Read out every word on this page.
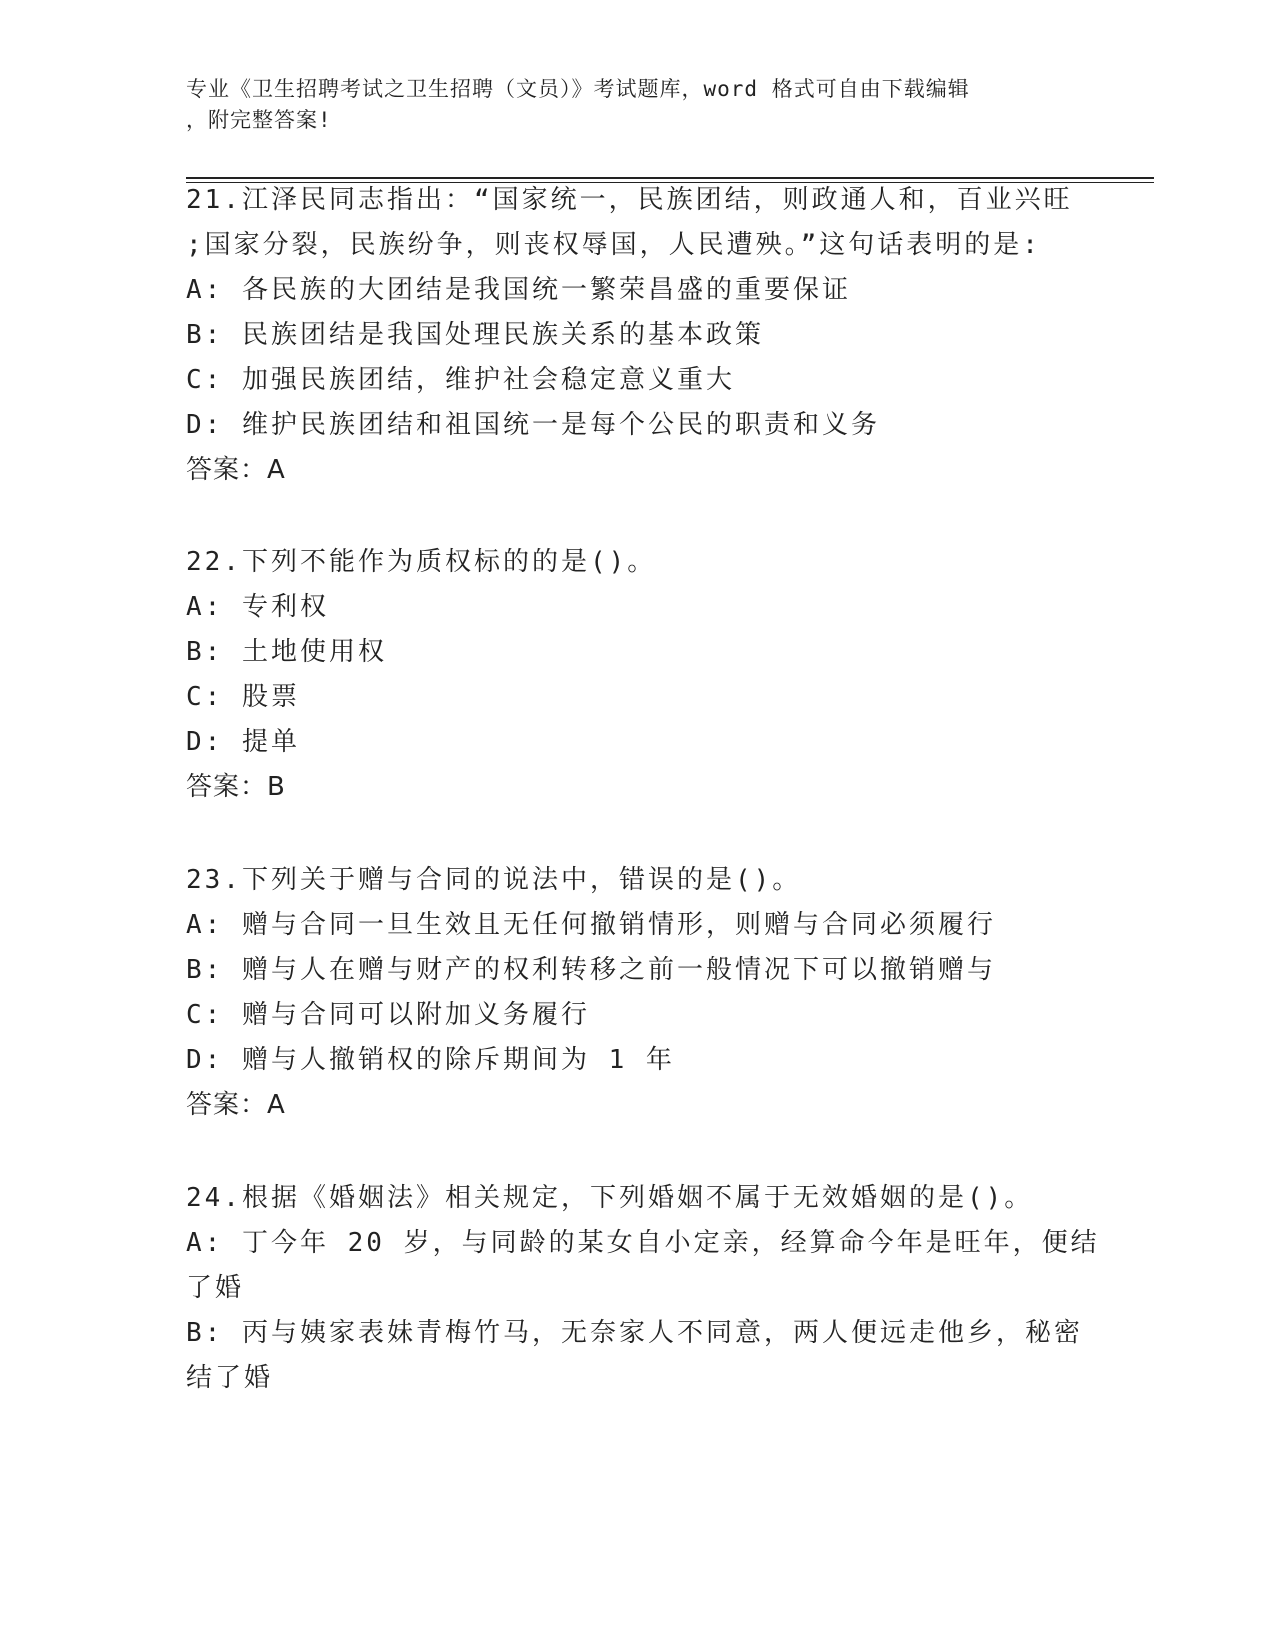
专业《卫生招聘考试之卫生招聘（文员）》考试题库，word 格式可自由下载编辑
，附完整答案!
21.江泽民同志指出：“国家统一，民族团结，则政通人和，百业兴旺
;国家分裂，民族纷争，则丧权辱国，人民遭殃。”这句话表明的是:
A: 各民族的大团结是我国统一繁荣昌盛的重要保证
B: 民族团结是我国处理民族关系的基本政策
C: 加强民族团结，维护社会稳定意义重大
D: 维护民族团结和祖国统一是每个公民的职责和义务
答案：A
22.下列不能作为质权标的的是()。
A: 专利权
B: 土地使用权
C: 股票
D: 提单
答案：B
23.下列关于赠与合同的说法中，错误的是()。
A: 赠与合同一旦生效且无任何撤销情形，则赠与合同必须履行
B: 赠与人在赠与财产的权利转移之前一般情况下可以撤销赠与
C: 赠与合同可以附加义务履行
D: 赠与人撤销权的除斥期间为 1 年
答案：A
24.根据《婚姻法》相关规定，下列婚姻不属于无效婚姻的是()。
A: 丁今年 20 岁，与同龄的某女自小定亲，经算命今年是旺年，便结
了婚
B: 丙与姨家表妹青梅竹马，无奈家人不同意，两人便远走他乡，秘密
结了婚
